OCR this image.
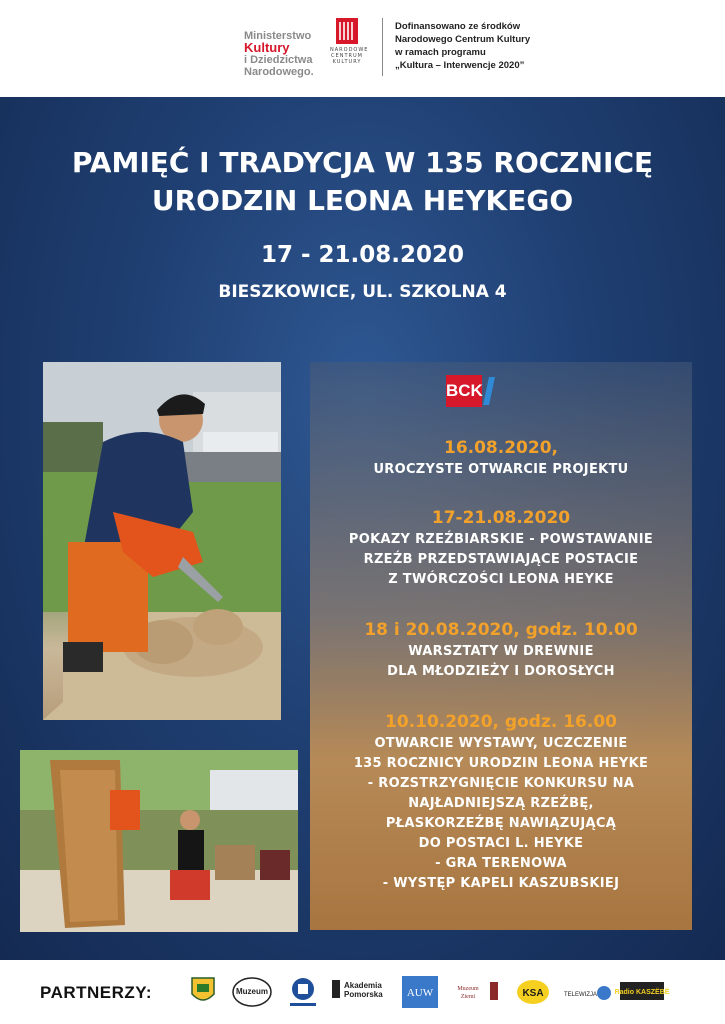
Ministerstwo
Kultury
i Dziedzictwa
Narodowego.
NARODOWE CENTRUM KULTURY
Dofinansowano ze środków
Narodowego Centrum Kultury
w ramach programu
„Kultura – Interwencje 2020”
PAMIĘĆ I TRADYCJA W 135 ROCZNICĘ
URODZIN LEONA HEYKEGO
17 - 21.08.2020
BIESZKOWICE, UL. SZKOLNA 4
BCK
16.08.2020,
UROCZYSTE OTWARCIE PROJEKTU
17-21.08.2020
POKAZY RZEŹBIARSKIE - POWSTAWANIE
RZEŹB PRZEDSTAWIAJĄCE POSTACIE
Z TWÓRCZOŚCI LEONA HEYKE
18 i 20.08.2020, godz. 10.00
WARSZTATY W DREWNIE
DLA MŁODZIEŻY I DOROSŁYCH
10.10.2020, godz. 16.00
OTWARCIE WYSTAWY, UCZCZENIE
135 ROCZNICY URODZIN LEONA HEYKE
- ROZSTRZYGNIĘCIE KONKURSU NA
NAJŁADNIEJSZĄ RZEŹBĘ,
PŁASKORZEŹBĘ NAWIĄZUJĄCĄ
DO POSTACI L. HEYKE
- GRA TERENOWA
- WYSTĘP KAPELI KASZUBSKIEJ
PARTNERZY:	Muzeum
Akademia
Pomorska AUW	Muzeum
Ziemi	KSA	TELEWIZJA	Radio KASZËBË
